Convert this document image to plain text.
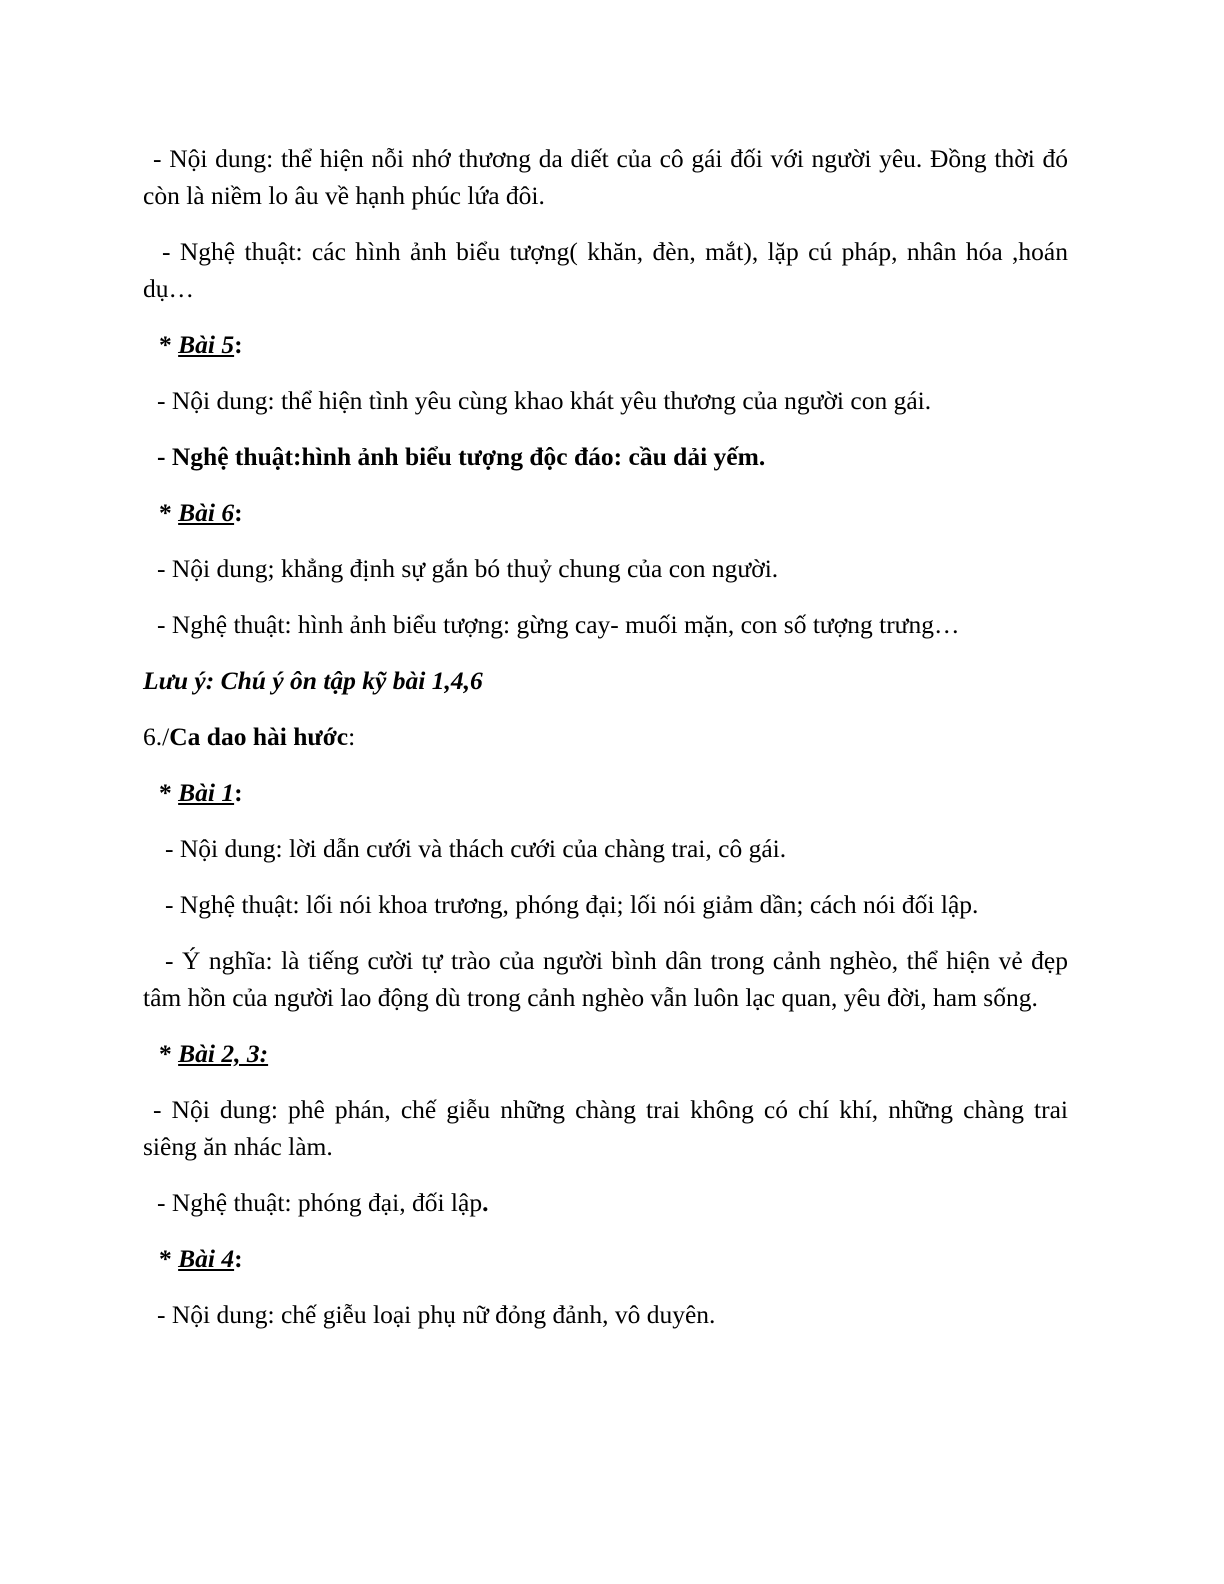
- Nội dung: thể hiện nỗi nhớ thương da diết của cô gái đối với người yêu. Đồng thời đó còn là niềm lo âu về hạnh phúc lứa đôi.

- Nghệ thuật: các hình ảnh biểu tượng( khăn, đèn, mắt), lặp cú pháp, nhân hóa ,hoán dụ…

* Bài 5:

- Nội dung: thể hiện tình yêu cùng khao khát yêu thương của người con gái.

- Nghệ thuật:hình ảnh biểu tượng độc đáo: cầu dải yếm.

* Bài 6:

- Nội dung; khẳng định sự gắn bó thuỷ chung của con người.

- Nghệ thuật: hình ảnh biểu tượng: gừng cay- muối mặn, con số tượng trưng…

Lưu ý: Chú ý ôn tập kỹ bài 1,4,6

6./Ca dao hài hước:

* Bài 1:

- Nội dung: lời dẫn cưới và thách cưới của chàng trai, cô gái.

- Nghệ thuật: lối nói khoa trương, phóng đại; lối nói giảm dần; cách nói đối lập.

- Ý nghĩa: là tiếng cười tự trào của người bình dân trong cảnh nghèo, thể hiện vẻ đẹp tâm hồn của người lao động dù trong cảnh nghèo vẫn luôn lạc quan, yêu đời, ham sống.

* Bài 2, 3:

- Nội dung: phê phán, chế giễu những chàng trai không có chí khí, những chàng trai siêng ăn nhác làm.

- Nghệ thuật: phóng đại, đối lập.

* Bài 4:

- Nội dung: chế giễu loại phụ nữ đỏng đảnh, vô duyên.
